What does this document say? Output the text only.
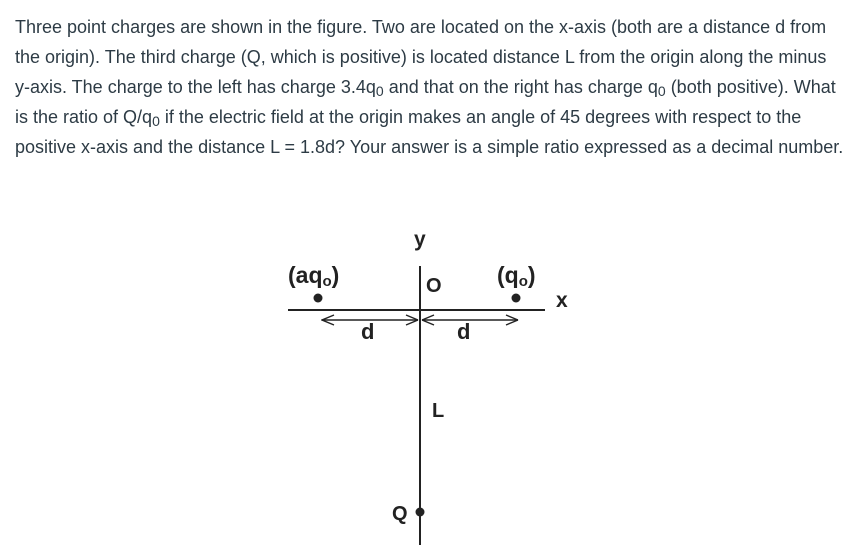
Three point charges are shown in the figure. Two are located on the x-axis (both are a distance d from the origin). The third charge (Q, which is positive) is located distance L from the origin along the minus y-axis. The charge to the left has charge $3.4q_0$ and that on the right has charge $q_0$ (both positive). What is the ratio of $Q/q_0$ if the electric field at the origin makes an angle of 45 degrees with respect to the positive x-axis and the distance L = 1.8d? Your answer is a simple ratio expressed as a decimal number.
y
x
O
(aqo)	(qo)
d	d
L
Q
